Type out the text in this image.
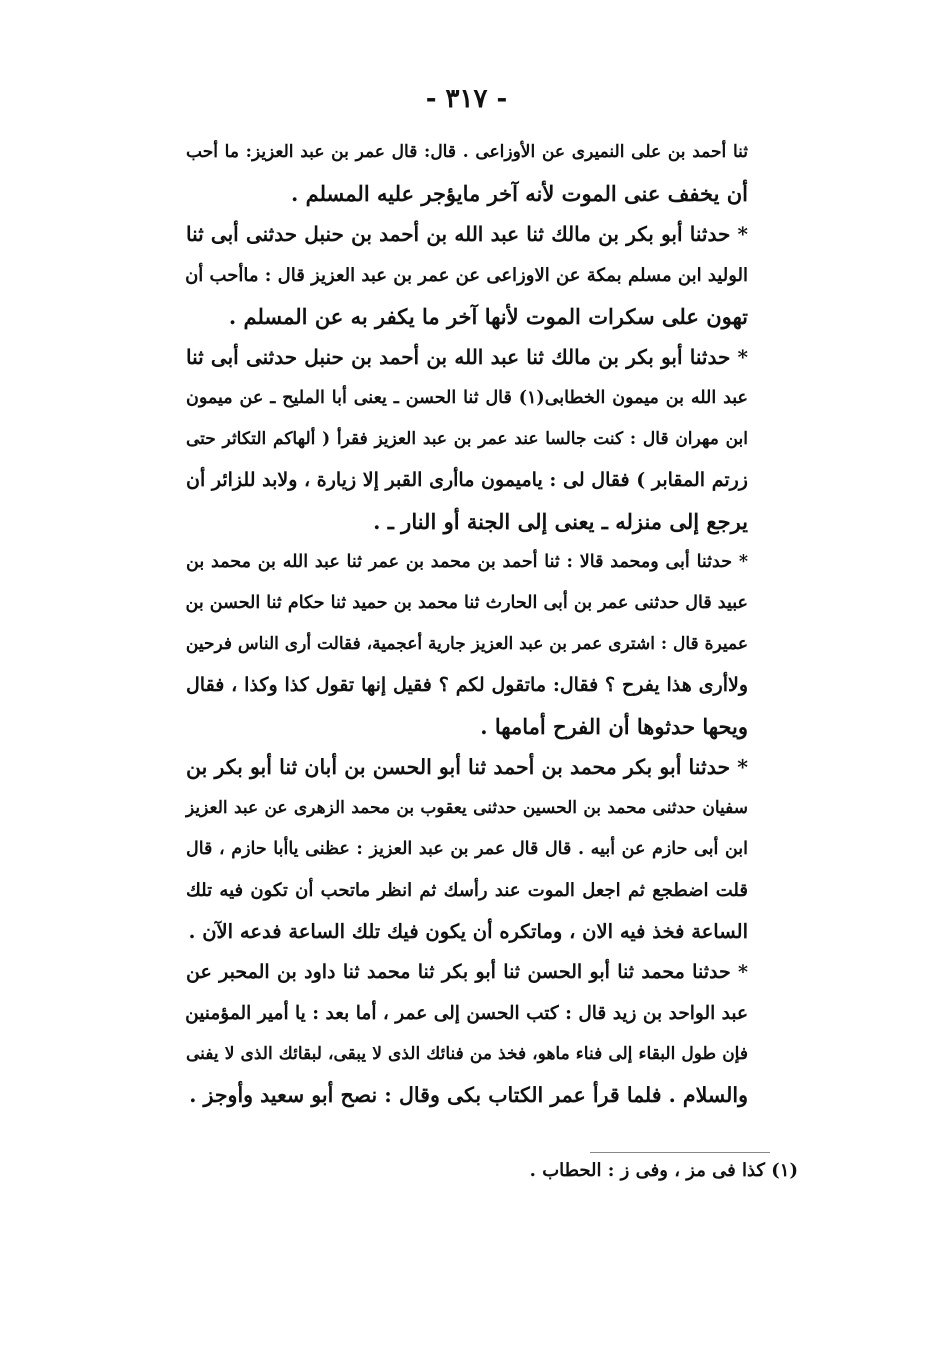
- ٣١٧ -
ثنا أحمد بن على النميرى عن الأوزاعى . قال: قال عمر بن عبد العزيز: ما أحب
أن يخفف عنى الموت لأنه آخر مايؤجر عليه المسلم .
* حدثنا أبو بكر بن مالك ثنا عبد الله بن أحمد بن حنبل حدثنى أبى ثنا
الوليد ابن مسلم بمكة عن الاوزاعى عن عمر بن عبد العزيز قال : ماأحب أن
تهون على سكرات الموت لأنها آخر ما يكفر به عن المسلم .
* حدثنا أبو بكر بن مالك ثنا عبد الله بن أحمد بن حنبل حدثنى أبى ثنا
عبد الله بن ميمون الخطابى(١) قال ثنا الحسن ـ يعنى أبا المليح ـ عن ميمون
ابن مهران قال : كنت جالسا عند عمر بن عبد العزيز فقرأ ( ألهاكم التكاثر حتى
زرتم المقابر ) فقال لى : ياميمون ماأرى القبر إلا زيارة ، ولابد للزائر أن
يرجع إلى منزله ـ يعنى إلى الجنة أو النار ـ .
* حدثنا أبى ومحمد قالا : ثنا أحمد بن محمد بن عمر ثنا عبد الله بن محمد بن
عبيد قال حدثنى عمر بن أبى الحارث ثنا محمد بن حميد ثنا حكام ثنا الحسن بن
عميرة قال : اشترى عمر بن عبد العزيز جارية أعجمية، فقالت أرى الناس فرحين
ولاأرى هذا يفرح ؟ فقال: ماتقول لكم ؟ فقيل إنها تقول كذا وكذا ، فقال
ويحها حدثوها أن الفرح أمامها .
* حدثنا أبو بكر محمد بن أحمد ثنا أبو الحسن بن أبان ثنا أبو بكر بن
سفيان حدثنى محمد بن الحسين حدثنى يعقوب بن محمد الزهرى عن عبد العزيز
ابن أبى حازم عن أبيه . قال قال عمر بن عبد العزيز : عظنى ياأبا حازم ، قال
قلت اضطجع ثم اجعل الموت عند رأسك ثم انظر ماتحب أن تكون فيه تلك
الساعة فخذ فيه الان ، وماتكره أن يكون فيك تلك الساعة فدعه الآن .
* حدثنا محمد ثنا أبو الحسن ثنا أبو بكر ثنا محمد ثنا داود بن المحبر عن
عبد الواحد بن زيد قال : كتب الحسن إلى عمر ، أما بعد : يا أمير المؤمنين
فإن طول البقاء إلى فناء ماهو، فخذ من فنائك الذى لا يبقى، لبقائك الذى لا يفنى
والسلام . فلما قرأ عمر الكتاب بكى وقال : نصح أبو سعيد وأوجز .
(١) كذا فى مز ، وفى ز : الحطاب .
